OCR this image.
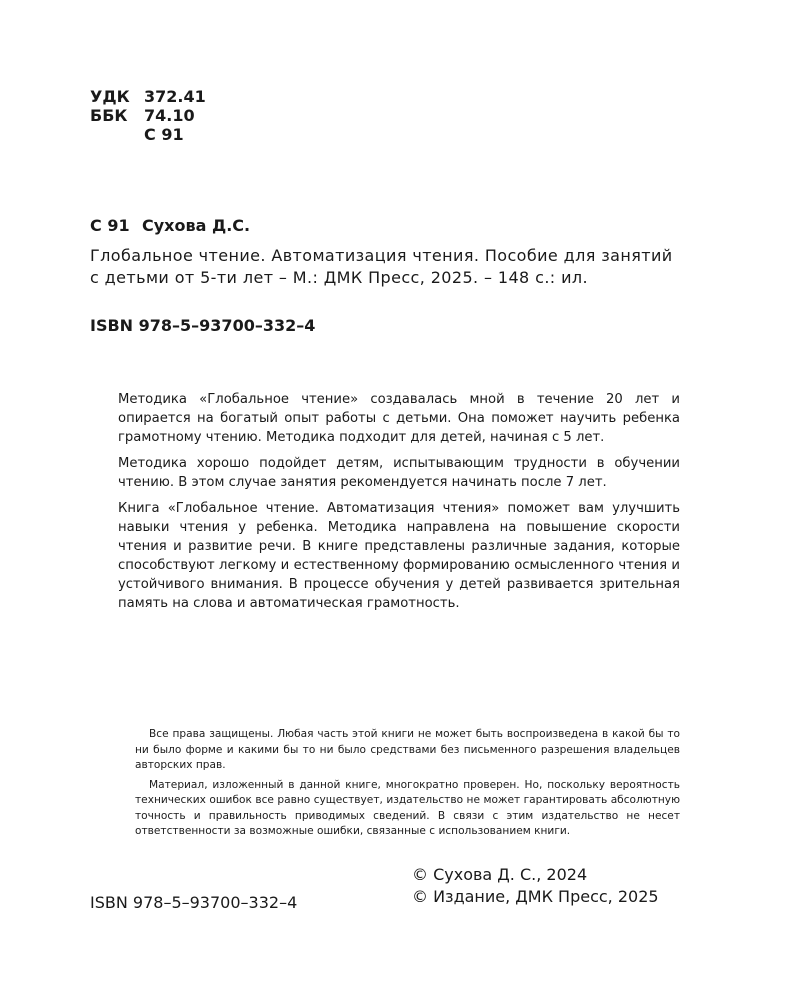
УДК 372.41
ББК 74.10
С 91
С 91 Сухова Д.С.
Глобальное чтение. Автоматизация чтения. Пособие для занятий
с детьми от 5-ти лет – М.: ДМК Пресс, 2025. – 148 с.: ил.
ISBN 978–5–93700–332–4

Методика «Глобальное чтение» создавалась мной в течение 20 лет и опирается на богатый опыт работы с детьми. Она поможет научить ребенка грамотному чтению. Методика подходит для детей, начиная с 5 лет.

Методика хорошо подойдет детям, испытывающим трудности в обучении чтению. В этом случае занятия рекомендуется начинать после 7 лет.

Книга «Глобальное чтение. Автоматизация чтения» поможет вам улучшить навыки чтения у ребенка. Методика направлена на повышение скорости чтения и развитие речи. В книге представлены различные задания, которые способствуют легкому и естественному формированию осмысленного чтения и устойчивого внимания. В процессе обучения у детей развивается зрительная память на слова и автоматическая грамотность.

Все права защищены. Любая часть этой книги не может быть воспроизведена в какой бы то ни было форме и какими бы то ни было средствами без письменного разрешения владельцев авторских прав.

Материал, изложенный в данной книге, многократно проверен. Но, поскольку вероятность технических ошибок все равно существует, издательство не может гарантировать абсолютную точность и правильность приводимых сведений. В связи с этим издательство не несет ответственности за возможные ошибки, связанные с использованием книги.

© Сухова Д. С., 2024
© Издание, ДМК Пресс, 2025
ISBN 978–5–93700–332–4
